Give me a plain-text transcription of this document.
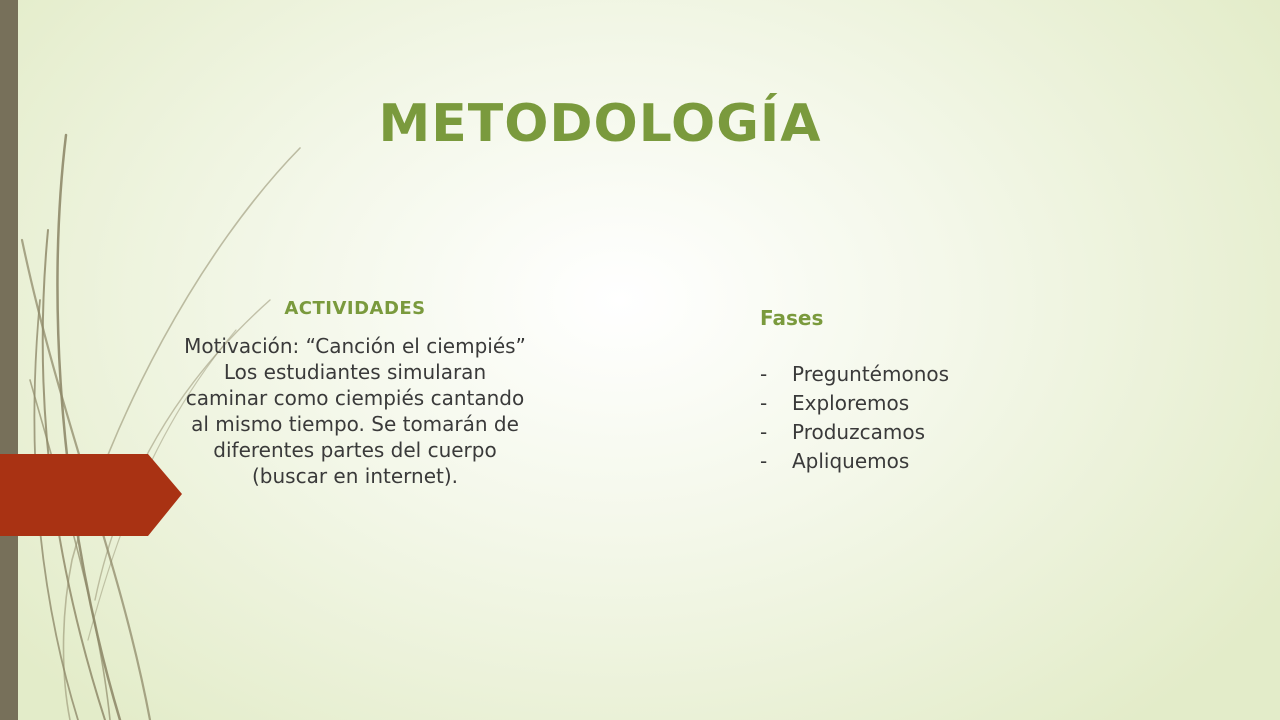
METODOLOGÍA

ACTIVIDADES

Motivación: “Canción el ciempiés” Los estudiantes simularan caminar como ciempiés cantando al mismo tiempo. Se tomarán de diferentes partes del cuerpo (buscar en internet).

Fases

-	Preguntémonos
-	Exploremos
-	Produzcamos
-	Apliquemos
